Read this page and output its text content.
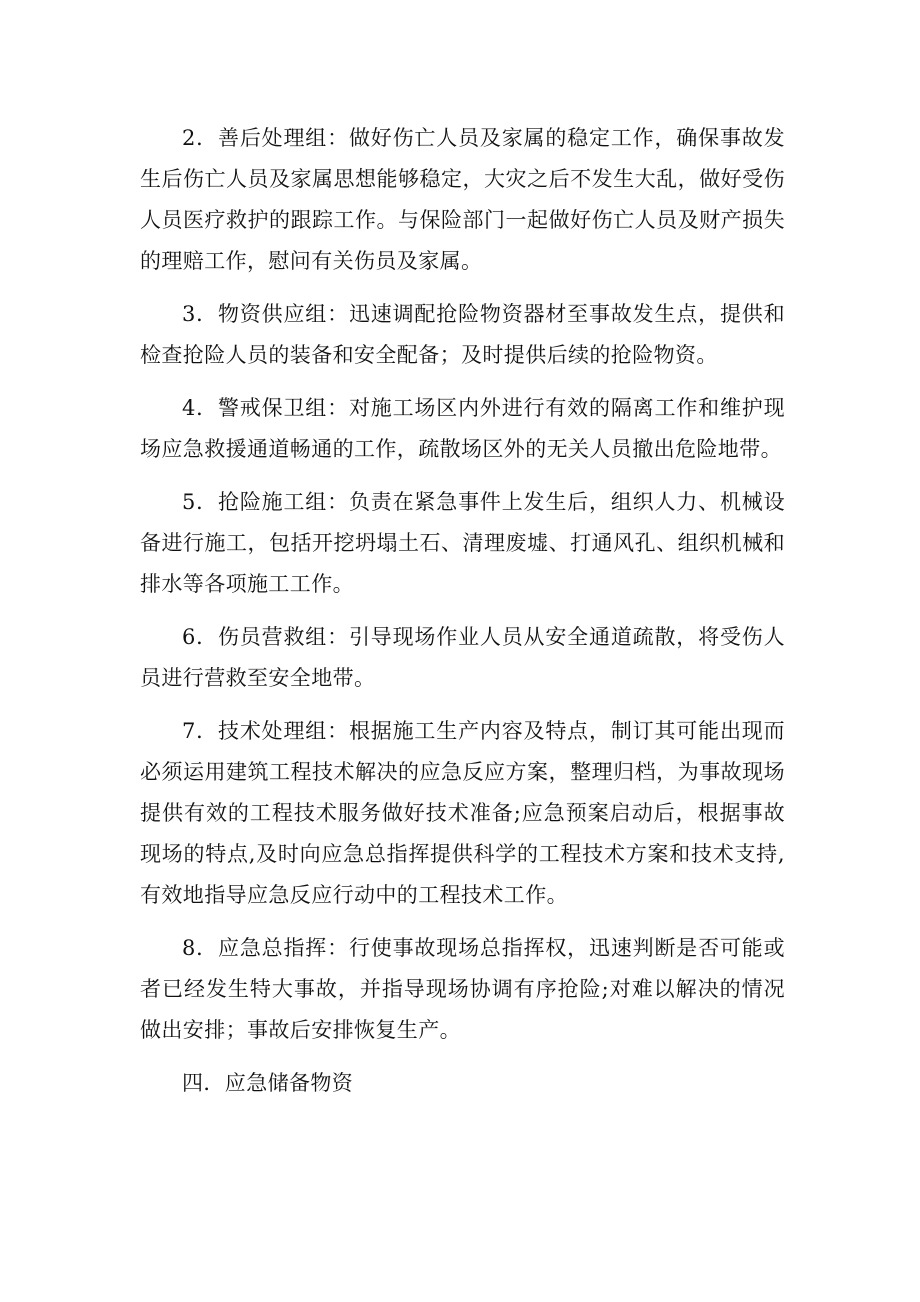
2．善后处理组：做好伤亡人员及家属的稳定工作，确保事故发生后伤亡人员及家属思想能够稳定，大灾之后不发生大乱，做好受伤人员医疗救护的跟踪工作。与保险部门一起做好伤亡人员及财产损失的理赔工作，慰问有关伤员及家属。

3．物资供应组：迅速调配抢险物资器材至事故发生点，提供和检查抢险人员的装备和安全配备；及时提供后续的抢险物资。

4．警戒保卫组：对施工场区内外进行有效的隔离工作和维护现场应急救援通道畅通的工作，疏散场区外的无关人员撤出危险地带。

5．抢险施工组：负责在紧急事件上发生后，组织人力、机械设备进行施工，包括开挖坍塌土石、清理废墟、打通风孔、组织机械和排水等各项施工工作。

6．伤员营救组：引导现场作业人员从安全通道疏散，将受伤人员进行营救至安全地带。

7．技术处理组：根据施工生产内容及特点，制订其可能出现而必须运用建筑工程技术解决的应急反应方案，整理归档，为事故现场提供有效的工程技术服务做好技术准备;应急预案启动后，根据事故现场的特点,及时向应急总指挥提供科学的工程技术方案和技术支持,有效地指导应急反应行动中的工程技术工作。

8．应急总指挥：行使事故现场总指挥权，迅速判断是否可能或者已经发生特大事故，并指导现场协调有序抢险;对难以解决的情况做出安排；事故后安排恢复生产。

四．应急储备物资
